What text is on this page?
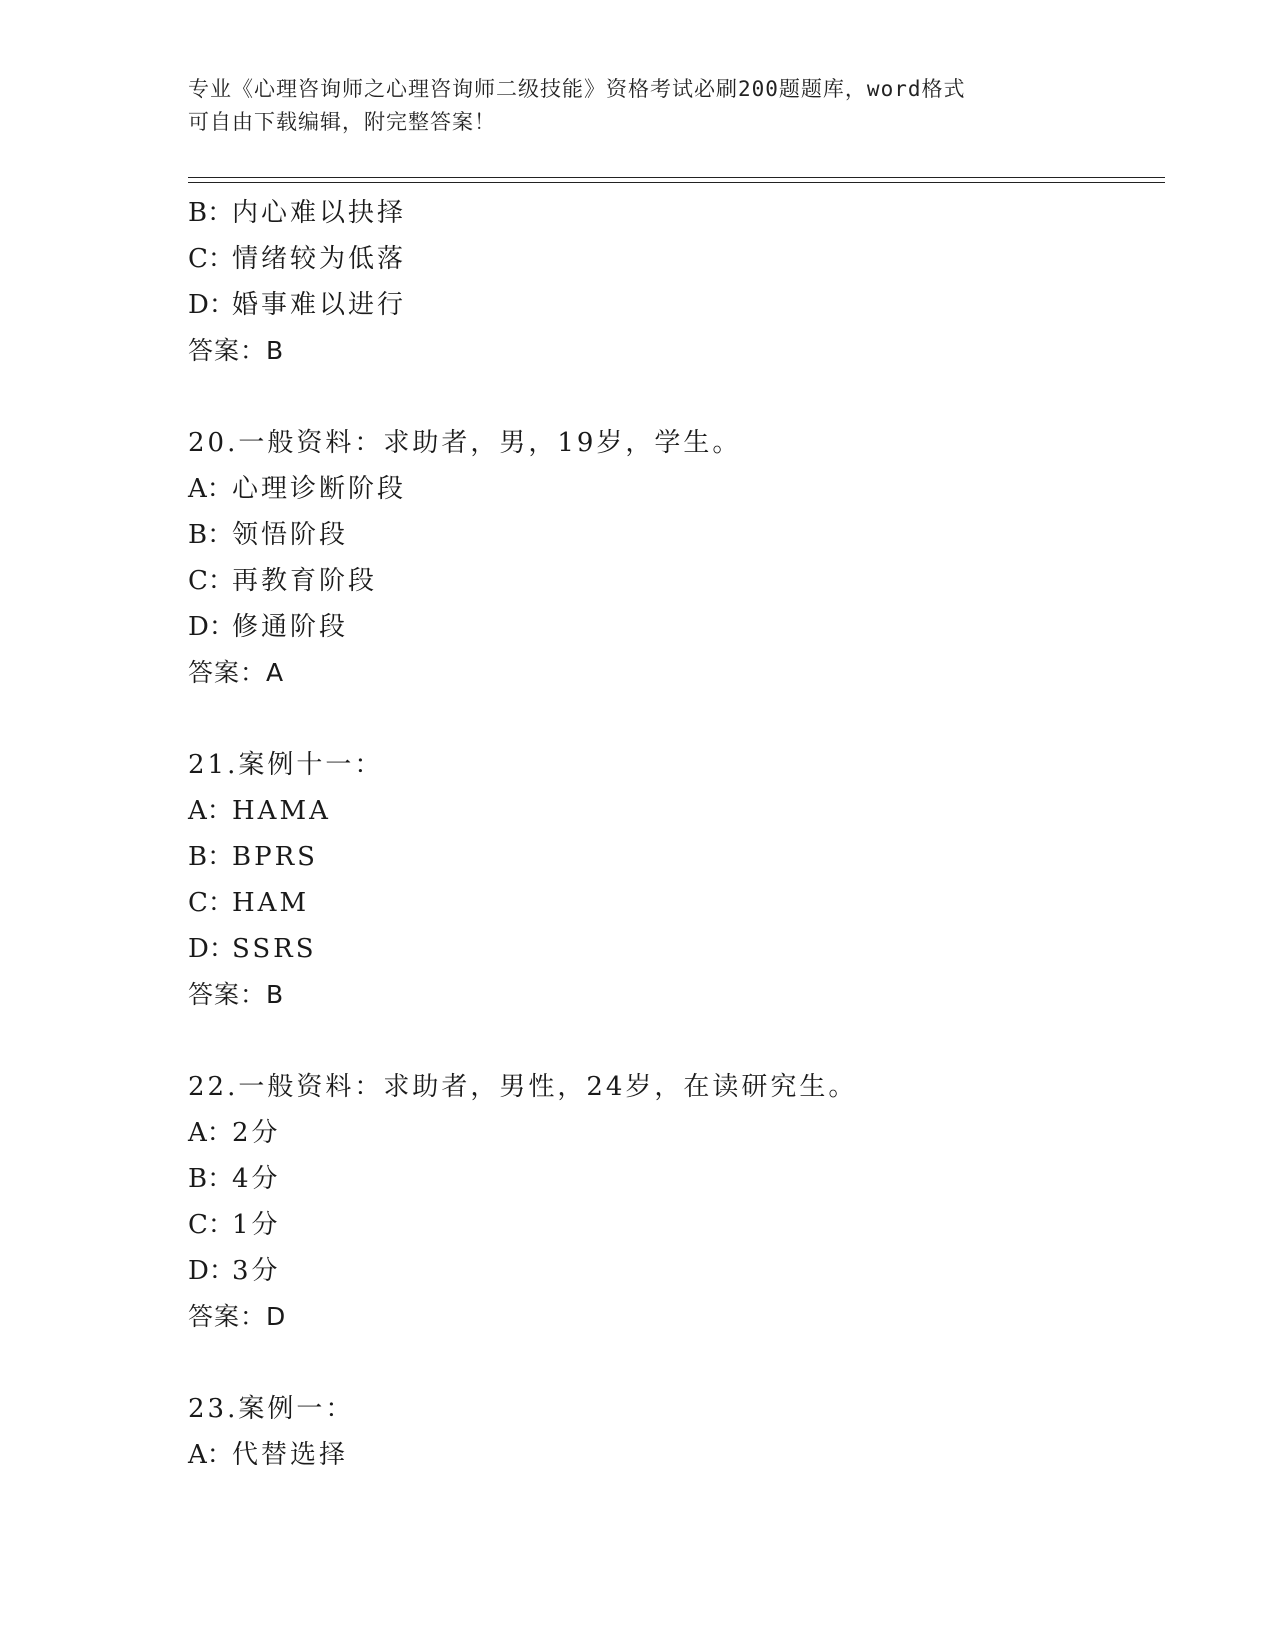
专业《心理咨询师之心理咨询师二级技能》资格考试必刷200题题库，word格式
可自由下载编辑，附完整答案！
B：内心难以抉择
C：情绪较为低落
D：婚事难以进行
答案：B
20.一般资料：求助者，男，19岁，学生。
A：心理诊断阶段
B：领悟阶段
C：再教育阶段
D：修通阶段
答案：A
21.案例十一：
A：HAMA
B：BPRS
C：HAM
D：SSRS
答案：B
22.一般资料：求助者，男性，24岁，在读研究生。
A：2分
B：4分
C：1分
D：3分
答案：D
23.案例一：
A：代替选择
